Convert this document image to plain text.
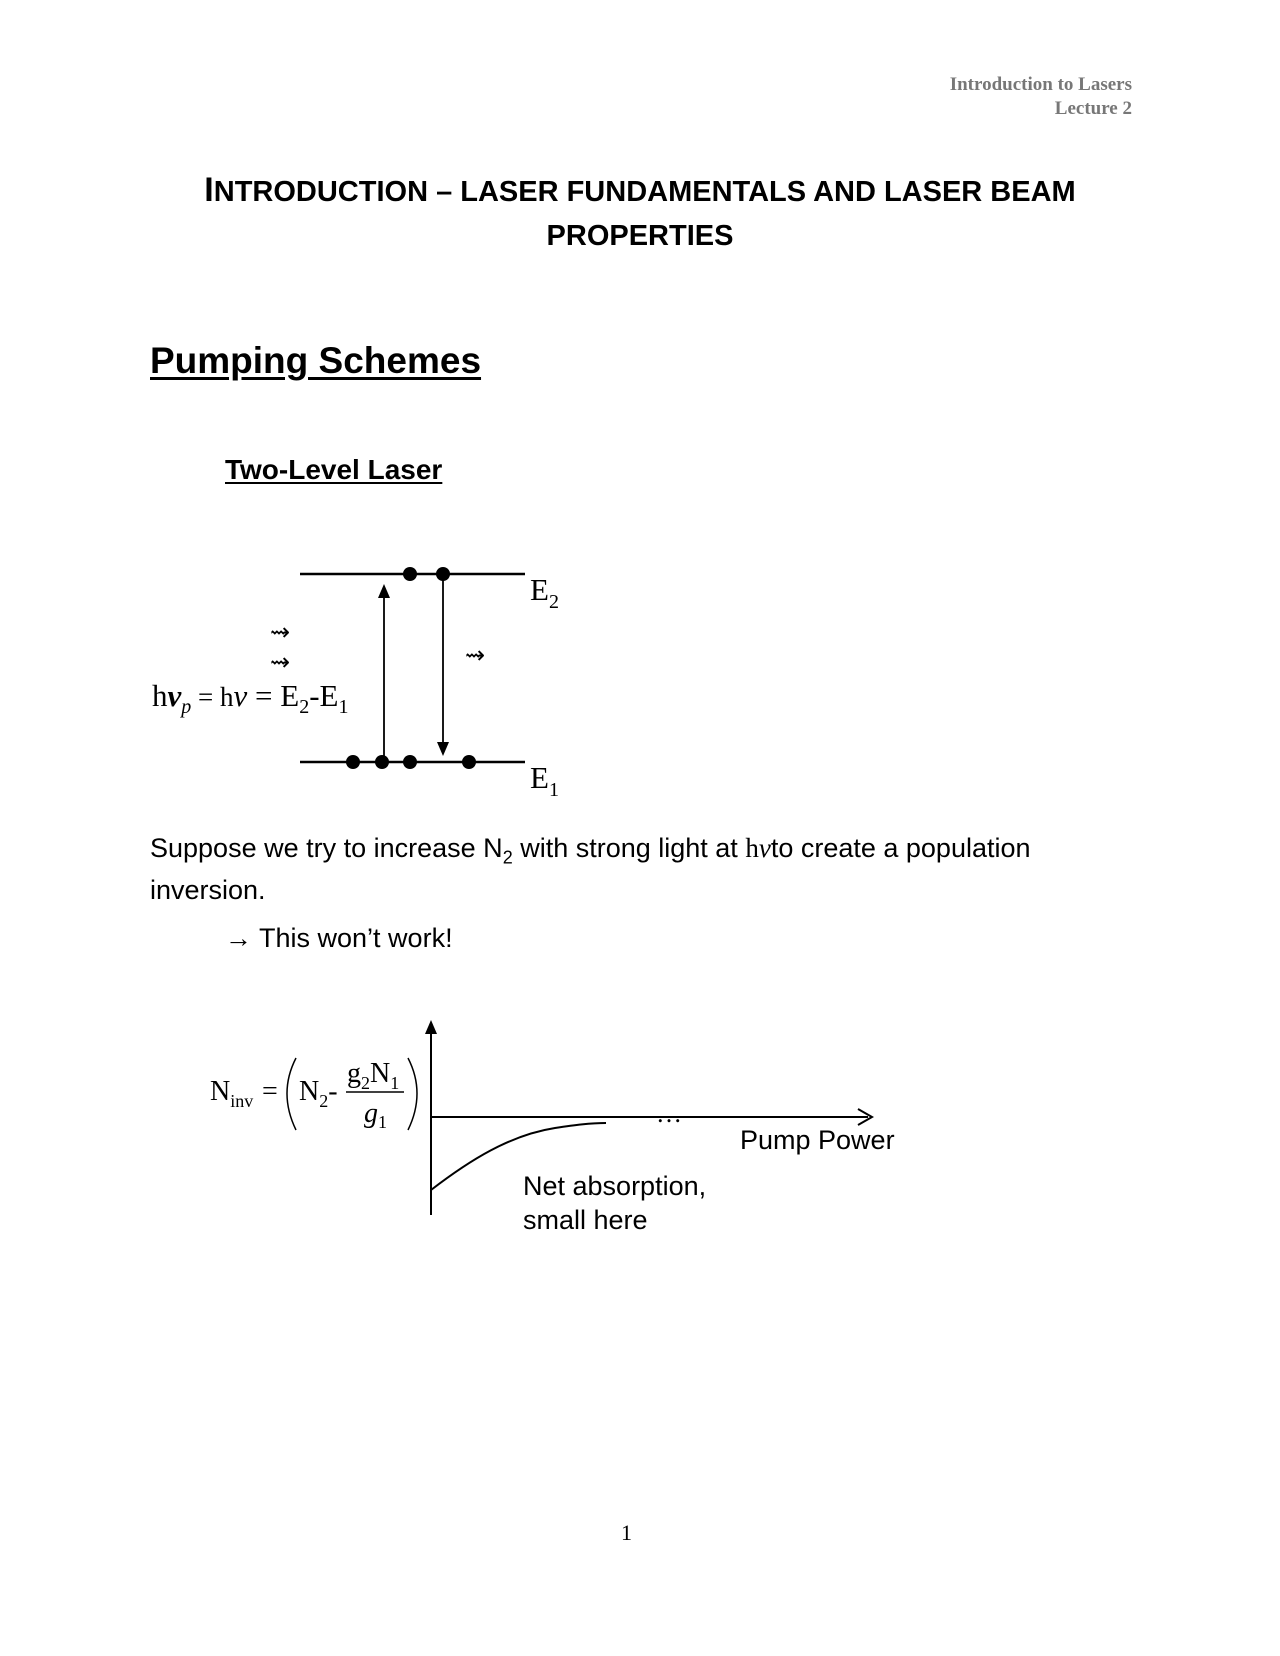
Introduction to Lasers
Lecture 2
INTRODUCTION – LASER FUNDAMENTALS AND LASER BEAM
PROPERTIES
Pumping Schemes
Two-Level Laser
$E_2$
$E_1$
⇝
⇝	⇝
$h\nu_p = h\nu = E_2-E_1$
Suppose we try to increase $N_2$ with strong light at hνto create a population
inversion.
→ This won’t work!
…
$N_{inv} = N_2-$
$g_2N_1$
$g_1$
Pump Power
Net absorption,
small here
1
